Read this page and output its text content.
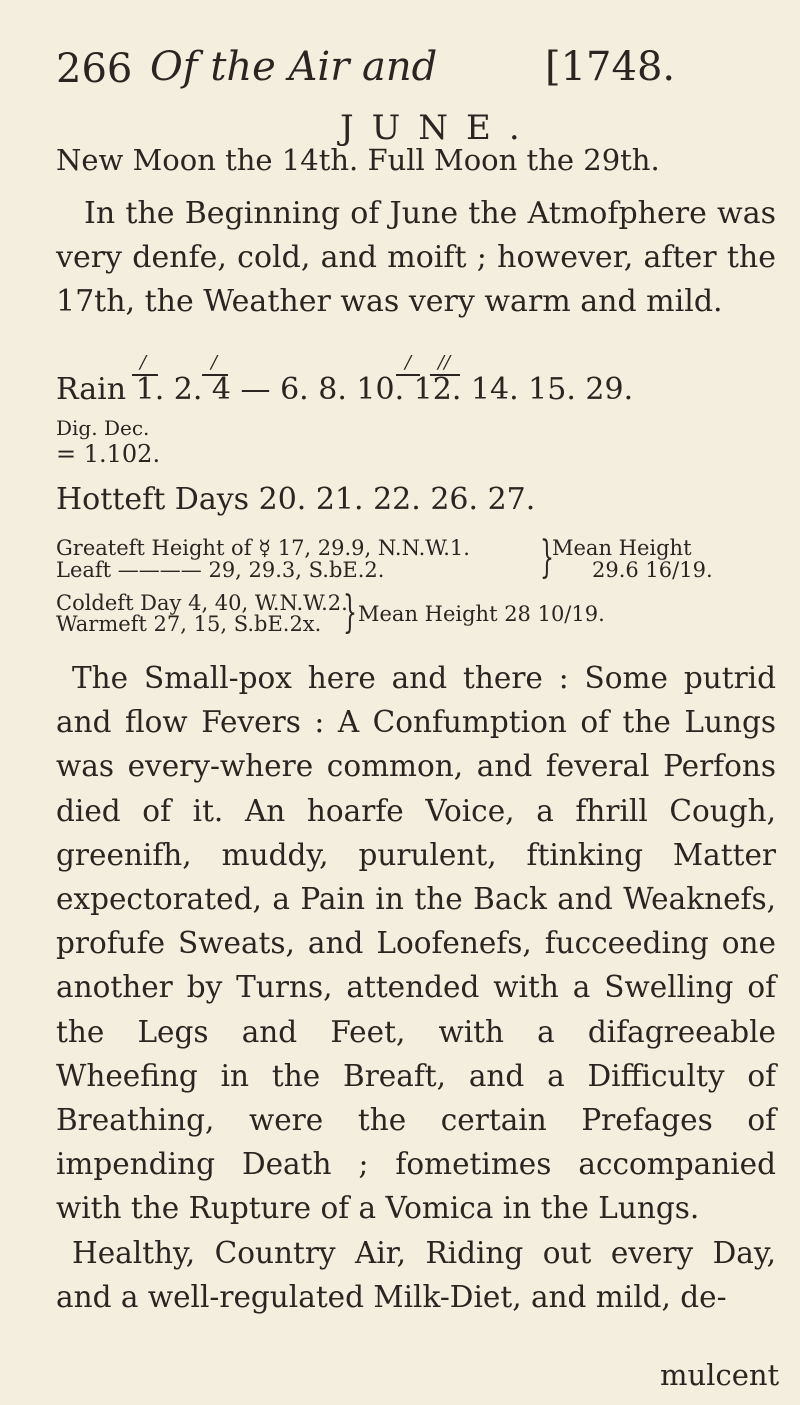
266 Of the Air and	[1748.
JUNE.
New Moon the 14th. Full Moon the 29th.

In the Beginning of June the Atmofphere was very denfe, cold, and moift ; however, after the 17th, the Weather was very warm and mild.

/	/	/ //
Rain 1. 2. 4 — 6. 8. 10. 12. 14. 15. 29.
Dig. Dec.
= 1.102.
Hotteft Days 20. 21. 22. 26. 27.
Greateft Height of ☿ 17, 29.9, N.N.W.1.
Leaft ———— 29, 29.3, S.bE.2.	}
Mean Height
29.6 16/19.
Coldeft Day 4, 40, W.N.W.2.
Warmeft 27, 15, S.bE.2x. } Mean Height 28 10/19.

The Small-pox here and there : Some putrid and flow Fevers : A Confumption of the Lungs was every-where common, and feveral Perfons died of it. An hoarfe Voice, a fhrill Cough, greenifh, muddy, purulent, ftinking Matter expectorated, a Pain in the Back and Weaknefs, profufe Sweats, and Loofenefs, fucceeding one another by Turns, attended with a Swelling of the Legs and Feet, with a difagreeable Wheefing in the Breaft, and a Difficulty of Breathing, were the certain Prefages of impending Death ; fometimes accompanied with the Rupture of a Vomica in the Lungs.

Healthy, Country Air, Riding out every Day, and a well-regulated Milk-Diet, and mild, de-

mulcent
